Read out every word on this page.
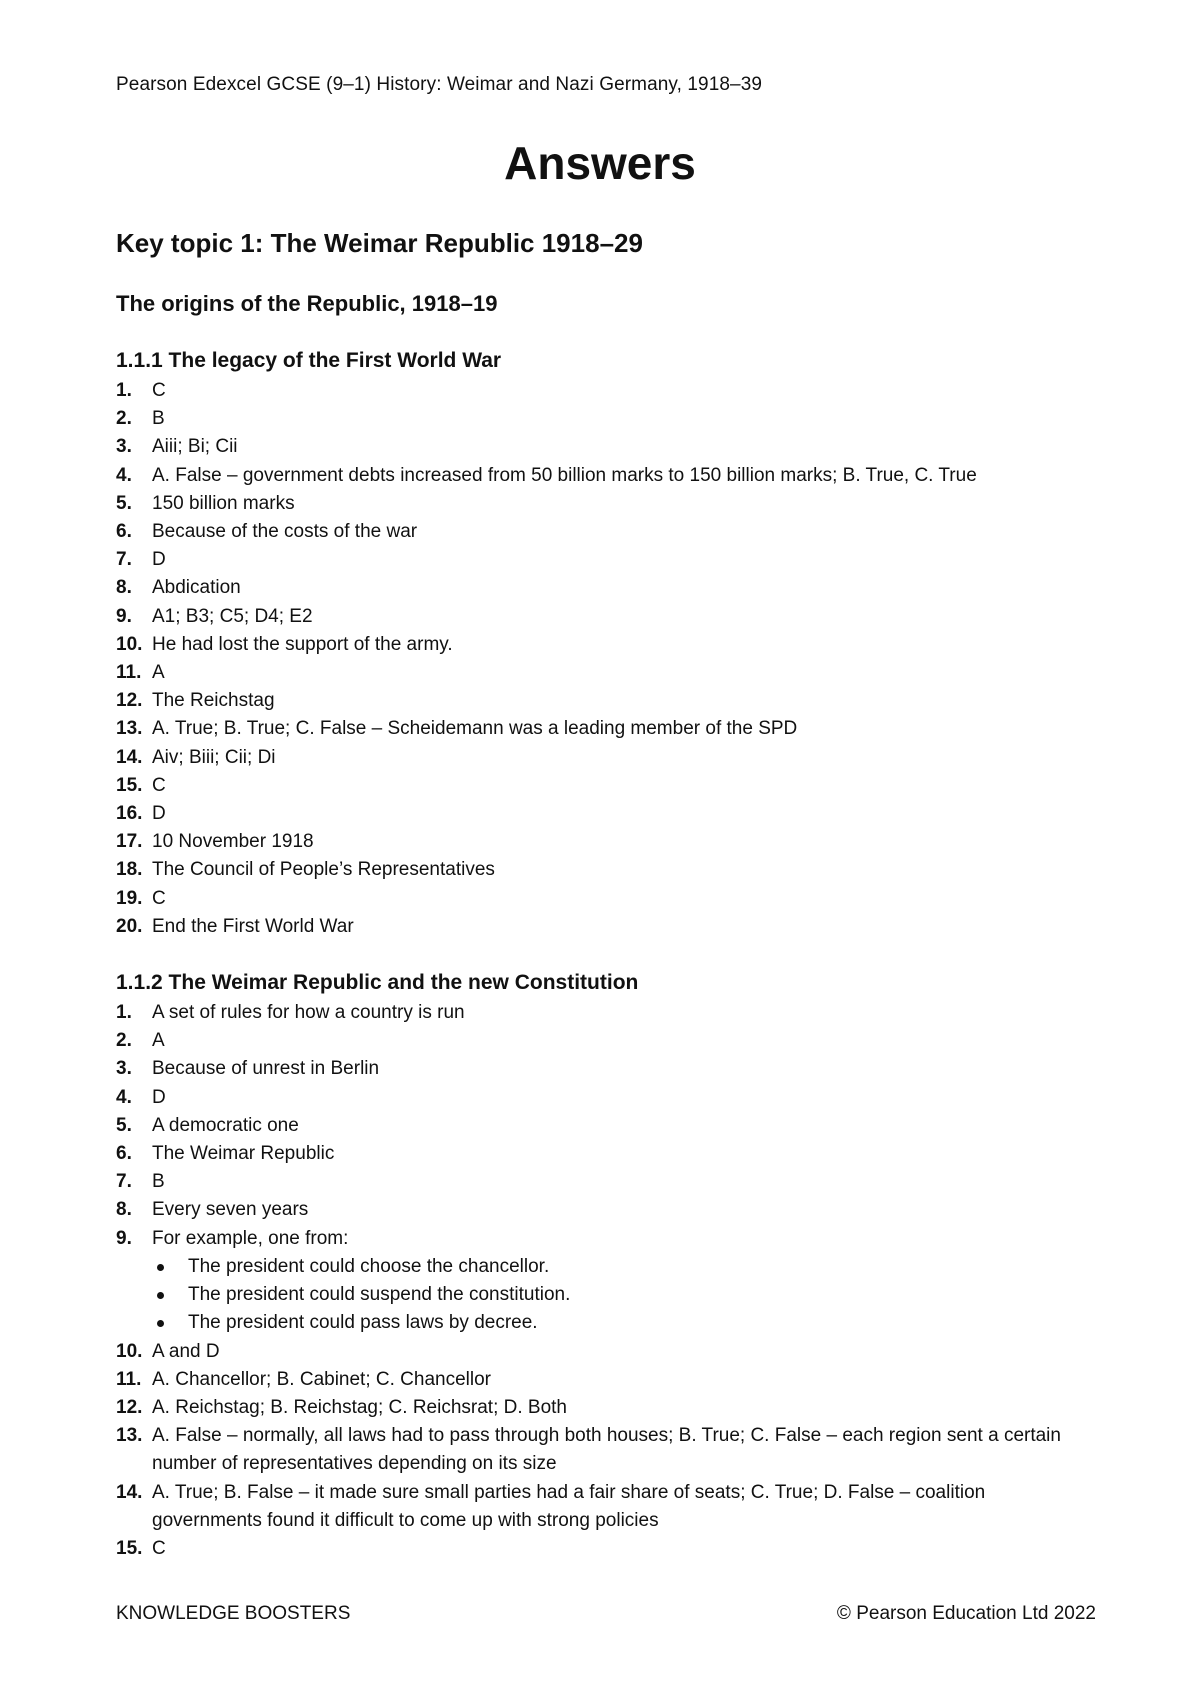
Pearson Edexcel GCSE (9–1) History: Weimar and Nazi Germany, 1918–39
Answers
Key topic 1: The Weimar Republic 1918–29
The origins of the Republic, 1918–19
1.1.1 The legacy of the First World War
1. C
2. B
3. Aiii; Bi; Cii
4. A. False – government debts increased from 50 billion marks to 150 billion marks; B. True, C. True
5. 150 billion marks
6. Because of the costs of the war
7. D
8. Abdication
9. A1; B3; C5; D4; E2
10. He had lost the support of the army.
11. A
12. The Reichstag
13. A. True; B. True; C. False – Scheidemann was a leading member of the SPD
14. Aiv; Biii; Cii; Di
15. C
16. D
17. 10 November 1918
18. The Council of People’s Representatives
19. C
20. End the First World War
1.1.2 The Weimar Republic and the new Constitution
1. A set of rules for how a country is run
2. A
3. Because of unrest in Berlin
4. D
5. A democratic one
6. The Weimar Republic
7. B
8. Every seven years
9. For example, one from:
The president could choose the chancellor.
The president could suspend the constitution.
The president could pass laws by decree.
10. A and D
11. A. Chancellor; B. Cabinet; C. Chancellor
12. A. Reichstag; B. Reichstag; C. Reichsrat; D. Both
13. A. False – normally, all laws had to pass through both houses; B. True; C. False – each region sent a certain number of representatives depending on its size
14. A. True; B. False – it made sure small parties had a fair share of seats; C. True; D. False – coalition governments found it difficult to come up with strong policies
15. C
KNOWLEDGE BOOSTERS	© Pearson Education Ltd 2022
